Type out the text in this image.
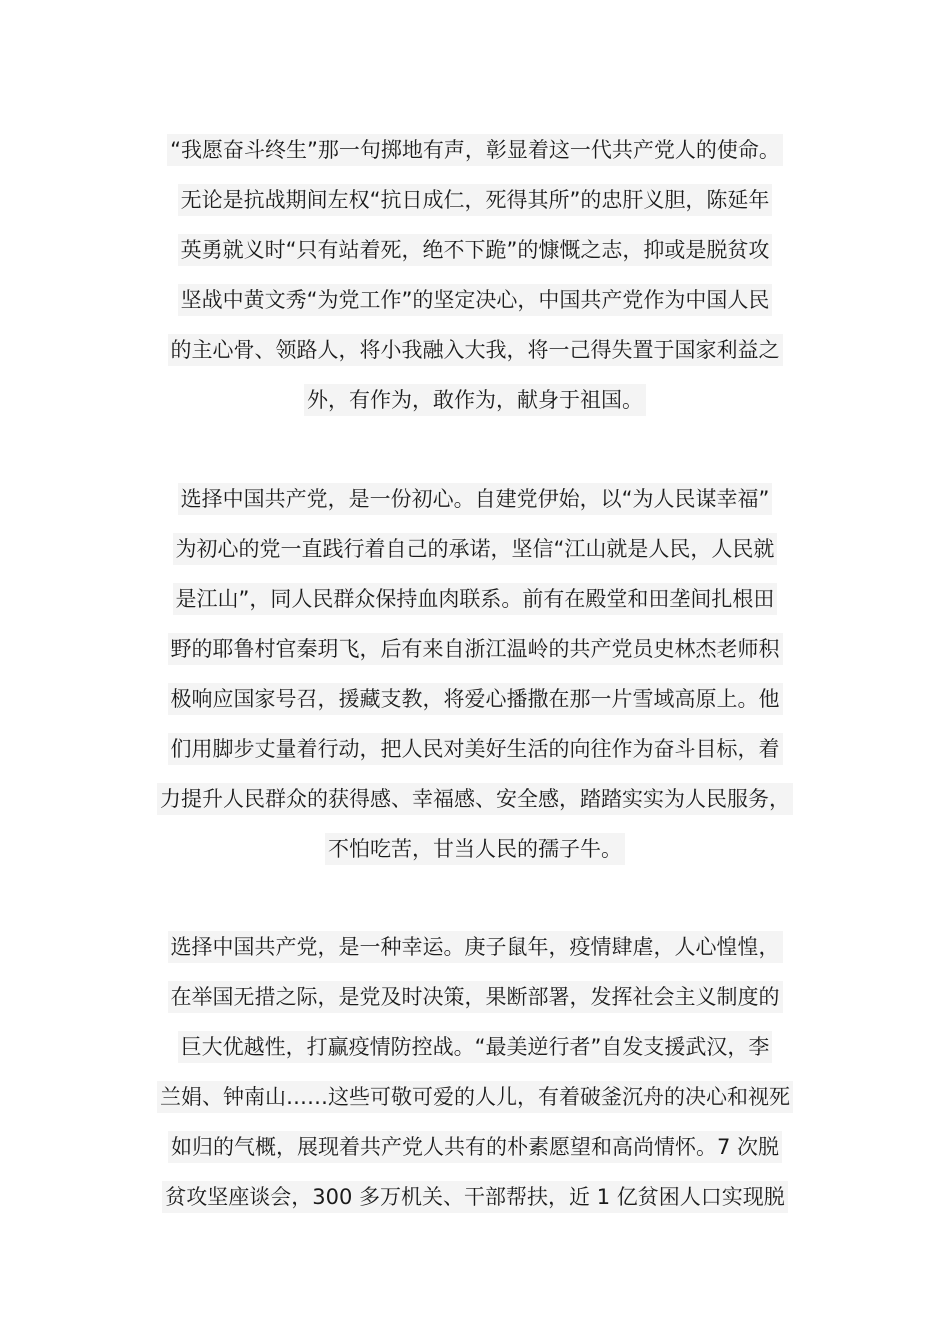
“我愿奋斗终生”那一句掷地有声，彰显着这一代共产党人的使命。
无论是抗战期间左权“抗日成仁，死得其所”的忠肝义胆，陈延年
英勇就义时“只有站着死，绝不下跪”的慷慨之志，抑或是脱贫攻
坚战中黄文秀“为党工作”的坚定决心，中国共产党作为中国人民
的主心骨、领路人，将小我融入大我，将一己得失置于国家利益之
外，有作为，敢作为，献身于祖国。
选择中国共产党，是一份初心。自建党伊始，以“为人民谋幸福”
为初心的党一直践行着自己的承诺，坚信“江山就是人民，人民就
是江山”，同人民群众保持血肉联系。前有在殿堂和田垄间扎根田
野的耶鲁村官秦玥飞，后有来自浙江温岭的共产党员史林杰老师积
极响应国家号召，援藏支教，将爱心播撒在那一片雪域高原上。他
们用脚步丈量着行动，把人民对美好生活的向往作为奋斗目标，着
力提升人民群众的获得感、幸福感、安全感，踏踏实实为人民服务，
不怕吃苦，甘当人民的孺子牛。
选择中国共产党，是一种幸运。庚子鼠年，疫情肆虐，人心惶惶，
在举国无措之际，是党及时决策，果断部署，发挥社会主义制度的
巨大优越性，打赢疫情防控战。“最美逆行者”自发支援武汉，李
兰娟、钟南山……这些可敬可爱的人儿，有着破釜沉舟的决心和视死
如归的气概，展现着共产党人共有的朴素愿望和高尚情怀。7 次脱
贫攻坚座谈会，300 多万机关、干部帮扶，近 1 亿贫困人口实现脱
